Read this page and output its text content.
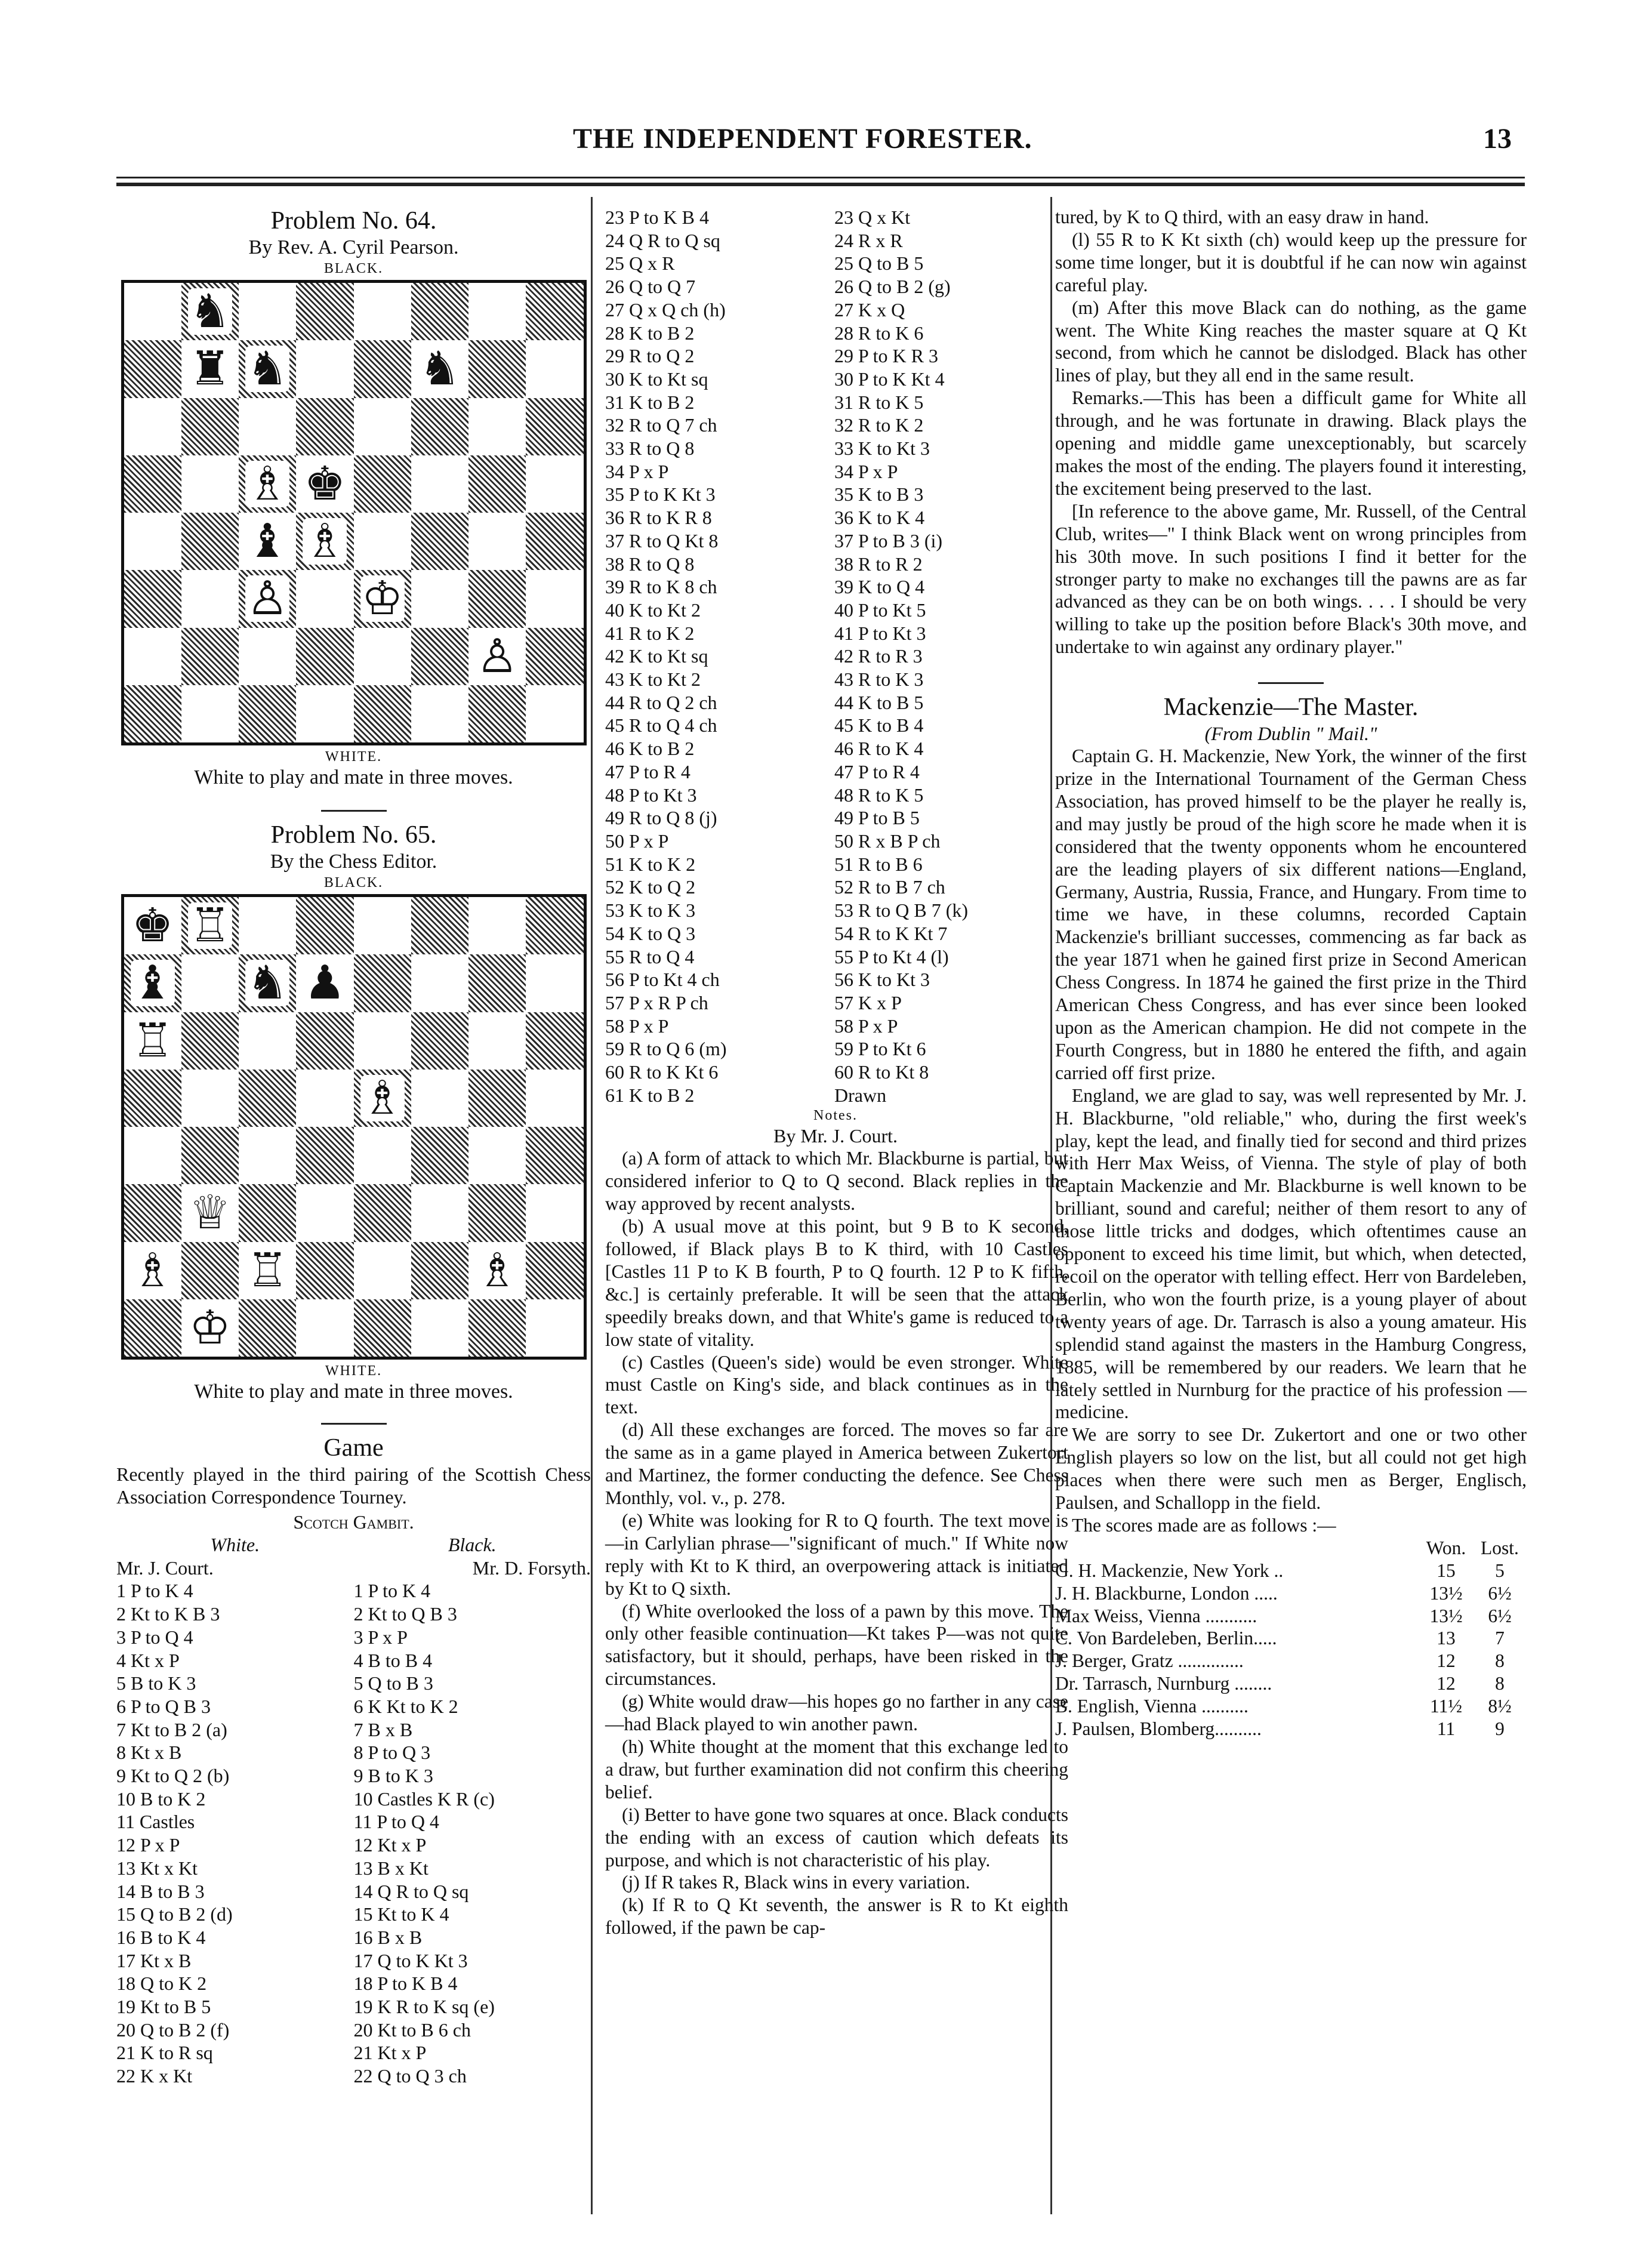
THE INDEPENDENT FORESTER.	13
Problem No. 64.
By Rev. A. Cyril Pearson.
BLACK.
♞
♜ ♞	♞
♗ ♚
♝ ♗
♙ ♔
♙
WHITE.
White to play and mate in three moves.
Problem No. 65.
By the Chess Editor.
BLACK.
♚ ♖
♝ ♞ ♟
♖
♗
♕
♗ ♖	♗
♔
WHITE.
White to play and mate in three moves.
Game

Recently played in the third pairing of the Scottish Chess Association Correspondence Tourney.

Scotch Gambit.
White.	Black.
Mr. J. Court.	Mr. D. Forsyth.
1 P to K 4	1 P to K 4
2 Kt to K B 3	2 Kt to Q B 3
3 P to Q 4	3 P x P
4 Kt x P	4 B to B 4
5 B to K 3	5 Q to B 3
6 P to Q B 3	6 K Kt to K 2
7 Kt to B 2 (a)	7 B x B
8 Kt x B	8 P to Q 3
9 Kt to Q 2 (b)	9 B to K 3
10 B to K 2	10 Castles K R (c)
11 Castles	11 P to Q 4
12 P x P	12 Kt x P
13 Kt x Kt	13 B x Kt
14 B to B 3	14 Q R to Q sq
15 Q to B 2 (d)	15 Kt to K 4
16 B to K 4	16 B x B
17 Kt x B	17 Q to K Kt 3
18 Q to K 2	18 P to K B 4
19 Kt to B 5	19 K R to K sq (e)
20 Q to B 2 (f)	20 Kt to B 6 ch
21 K to R sq	21 Kt x P
22 K x Kt	22 Q to Q 3 ch
23 P to K B 4	23 Q x Kt
24 Q R to Q sq	24 R x R
25 Q x R	25 Q to B 5
26 Q to Q 7	26 Q to B 2 (g)
27 Q x Q ch (h)	27 K x Q
28 K to B 2	28 R to K 6
29 R to Q 2	29 P to K R 3
30 K to Kt sq	30 P to K Kt 4
31 K to B 2	31 R to K 5
32 R to Q 7 ch	32 R to K 2
33 R to Q 8	33 K to Kt 3
34 P x P	34 P x P
35 P to K Kt 3	35 K to B 3
36 R to K R 8	36 K to K 4
37 R to Q Kt 8	37 P to B 3 (i)
38 R to Q 8	38 R to R 2
39 R to K 8 ch	39 K to Q 4
40 K to Kt 2	40 P to Kt 5
41 R to K 2	41 P to Kt 3
42 K to Kt sq	42 R to R 3
43 K to Kt 2	43 R to K 3
44 R to Q 2 ch	44 K to B 5
45 R to Q 4 ch	45 K to B 4
46 K to B 2	46 R to K 4
47 P to R 4	47 P to R 4
48 P to Kt 3	48 R to K 5
49 R to Q 8 (j)	49 P to B 5
50 P x P	50 R x B P ch
51 K to K 2	51 R to B 6
52 K to Q 2	52 R to B 7 ch
53 K to K 3	53 R to Q B 7 (k)
54 K to Q 3	54 R to K Kt 7
55 R to Q 4	55 P to Kt 4 (l)
56 P to Kt 4 ch	56 K to Kt 3
57 P x R P ch	57 K x P
58 P x P	58 P x P
59 R to Q 6 (m)	59 P to Kt 6
60 R to K Kt 6	60 R to Kt 8
61 K to B 2	Drawn
Notes.
By Mr. J. Court.

(a) A form of attack to which Mr. Blackburne is partial, but considered inferior to Q to Q second. Black replies in the way approved by recent analysts.

(b) A usual move at this point, but 9 B to K second, followed, if Black plays B to K third, with 10 Castles [Castles 11 P to K B fourth, P to Q fourth. 12 P to K fifth, &c.] is certainly preferable. It will be seen that the attack speedily breaks down, and that White's game is reduced to a low state of vitality.

(c) Castles (Queen's side) would be even stronger. White must Castle on King's side, and black continues as in the text.

(d) All these exchanges are forced. The moves so far are the same as in a game played in America between Zukertort and Martinez, the former conducting the defence. See Chess Monthly, vol. v., p. 278.

(e) White was looking for R to Q fourth. The text move is—in Carlylian phrase—"significant of much." If White now reply with Kt to K third, an overpowering attack is initiated by Kt to Q sixth.

(f) White overlooked the loss of a pawn by this move. The only other feasible continuation—Kt takes P—was not quite satisfactory, but it should, perhaps, have been risked in the circumstances.

(g) White would draw—his hopes go no farther in any case—had Black played to win another pawn.

(h) White thought at the moment that this exchange led to a draw, but further examination did not confirm this cheering belief.

(i) Better to have gone two squares at once. Black conducts the ending with an excess of caution which defeats its purpose, and which is not characteristic of his play.

(j) If R takes R, Black wins in every variation.

(k) If R to Q Kt seventh, the answer is R to Kt eighth followed, if the pawn be cap-

tured, by K to Q third, with an easy draw in hand.

(l) 55 R to K Kt sixth (ch) would keep up the pressure for some time longer, but it is doubtful if he can now win against careful play.

(m) After this move Black can do nothing, as the game went. The White King reaches the master square at Q Kt second, from which he cannot be dislodged. Black has other lines of play, but they all end in the same result.

Remarks.—This has been a difficult game for White all through, and he was fortunate in drawing. Black plays the opening and middle game unexceptionably, but scarcely makes the most of the ending. The players found it interesting, the excitement being preserved to the last.

[In reference to the above game, Mr. Russell, of the Central Club, writes—" I think Black went on wrong principles from his 30th move. In such positions I find it better for the stronger party to make no exchanges till the pawns are as far advanced as they can be on both wings. . . . I should be very willing to take up the position before Black's 30th move, and undertake to win against any ordinary player."

Mackenzie—The Master.
(From Dublin " Mail."

Captain G. H. Mackenzie, New York, the winner of the first prize in the International Tournament of the German Chess Association, has proved himself to be the player he really is, and may justly be proud of the high score he made when it is considered that the twenty opponents whom he encountered are the leading players of six different nations—England, Germany, Austria, Russia, France, and Hungary. From time to time we have, in these columns, recorded Captain Mackenzie's brilliant successes, commencing as far back as the year 1871 when he gained first prize in Second American Chess Congress. In 1874 he gained the first prize in the Third American Chess Congress, and has ever since been looked upon as the American champion. He did not compete in the Fourth Congress, but in 1880 he entered the fifth, and again carried off first prize.

England, we are glad to say, was well represented by Mr. J. H. Blackburne, "old reliable," who, during the first week's play, kept the lead, and finally tied for second and third prizes with Herr Max Weiss, of Vienna. The style of play of both Captain Mackenzie and Mr. Blackburne is well known to be brilliant, sound and careful; neither of them resort to any of those little tricks and dodges, which oftentimes cause an opponent to exceed his time limit, but which, when detected, recoil on the operator with telling effect. Herr von Bardeleben, Berlin, who won the fourth prize, is a young player of about twenty years of age. Dr. Tarrasch is also a young amateur. His splendid stand against the masters in the Hamburg Congress, 1885, will be remembered by our readers. We learn that he lately settled in Nurnburg for the practice of his profession —medicine.

We are sorry to see Dr. Zukertort and one or two other English players so low on the list, but all could not get high places when there were such men as Berger, Englisch, Paulsen, and Schallopp in the field.

The scores made are as follows :—

	Won.	Lost.
G. H. Mackenzie, New York ..	15	5
J. H. Blackburne, London .....	13½	6½
Max Weiss, Vienna ...........	13½	6½
C. Von Bardeleben, Berlin.....	13	7
J. Berger, Gratz ..............	12	8
Dr. Tarrasch, Nurnburg ........	12	8
B. English, Vienna ..........	11½	8½
J. Paulsen, Blomberg..........	11	9
